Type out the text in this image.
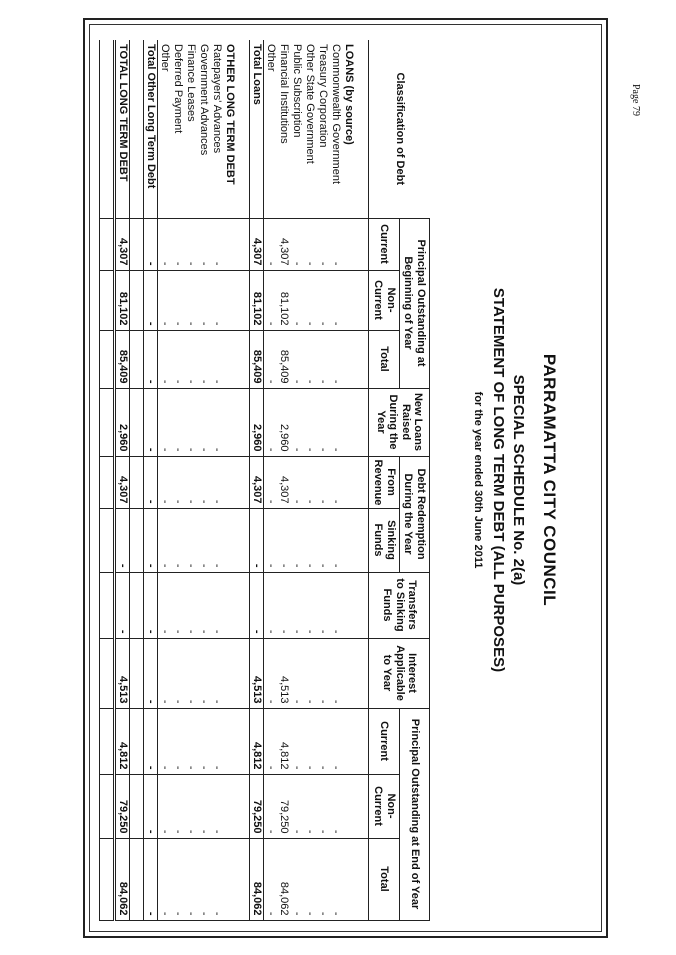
PARRAMATTA CITY COUNCIL
SPECIAL SCHEDULE No. 2(a)
STATEMENT OF LONG TERM DEBT (ALL PURPOSES)
for the year ended 30th June 2011
Classification of Debt	Principal Outstanding at Beginning of Year			New Loans Raised During the Year	Debt Redemption During the Year		Transfers to Sinking Funds	Interest Applicable to Year	Principal Outstanding at End of Year		
	Current	Non-Current	Total		From Revenue	Sinking Funds			Current	Non-Current	Total

LOANS (by source)											
Commonwealth Government	-	-	-	-	-	-	-	-	-	-	-
Treasury Corporation	-	-	-	-	-	-	-	-	-	-	-
Other State Government	-	-	-	-	-	-	-	-	-	-	-
Public Subscription	-	-	-	-	-	-	-	-	-	-	-
Financial Institutions	4,307	81,102	85,409	2,960	4,307	-	-	4,513	4,812	79,250	84,062
Other	-	-	-	-	-	-	-	-	-	-	-
Total Loans	4,307	81,102	85,409	2,960	4,307	-	-	4,513	4,812	79,250	84,062

OTHER LONG TERM DEBT											
Ratepayers' Advances	-	-	-	-	-	-	-	-	-	-	-
Government Advances	-	-	-	-	-	-	-	-	-	-	-
Finance Leases	-	-	-	-	-	-	-	-	-	-	-
Deferred Payment	-	-	-	-	-	-	-	-	-	-	-
Other	-	-	-	-	-	-	-	-	-	-	-
Total Other Long Term Debt	-	-	-	-	-	-	-	-	-	-	-

TOTAL LONG TERM DEBT	4,307	81,102	85,409	2,960	4,307	-	-	4,513	4,812	79,250	84,062

Page 79
